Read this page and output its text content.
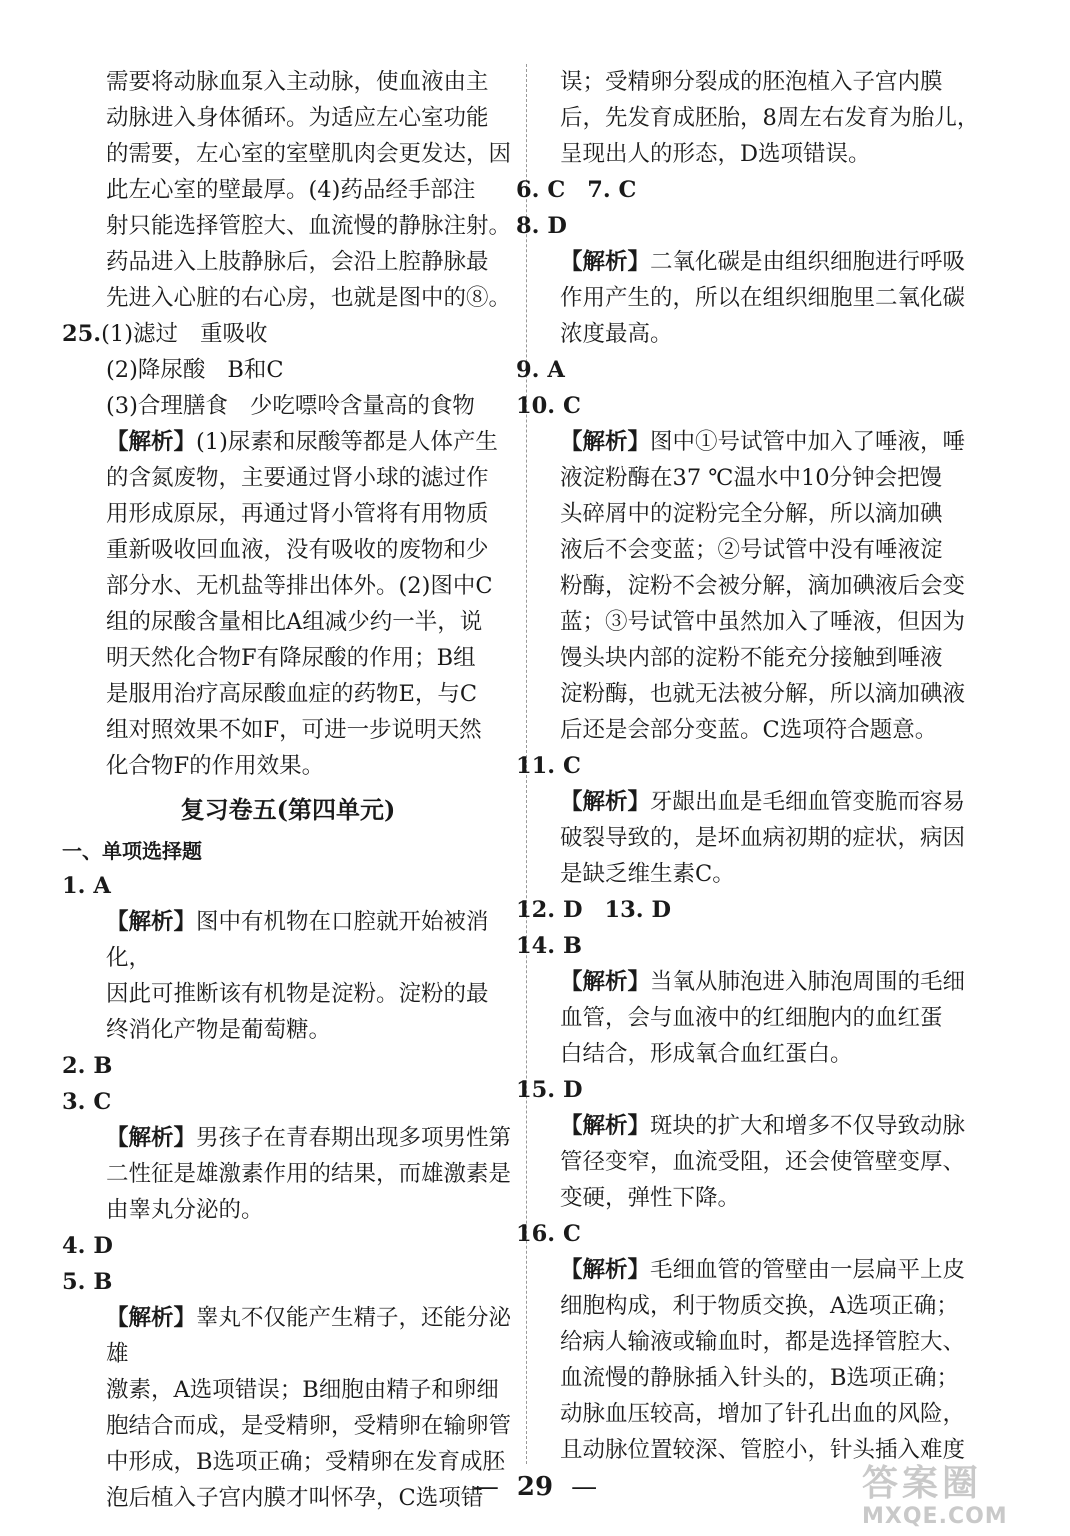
需要将动脉血泵入主动脉，使血液由主
动脉进入身体循环。为适应左心室功能
的需要，左心室的室壁肌肉会更发达，因
此左心室的壁最厚。(4)药品经手部注
射只能选择管腔大、血流慢的静脉注射。
药品进入上肢静脉后，会沿上腔静脉最
先进入心脏的右心房，也就是图中的⑧。
25.(1)滤过 重吸收
(2)降尿酸 B和C
(3)合理膳食 少吃嘌呤含量高的食物
【解析】(1)尿素和尿酸等都是人体产生
的含氮废物，主要通过肾小球的滤过作
用形成原尿，再通过肾小管将有用物质
重新吸收回血液，没有吸收的废物和少
部分水、无机盐等排出体外。(2)图中C
组的尿酸含量相比A组减少约一半，说
明天然化合物F有降尿酸的作用；B组
是服用治疗高尿酸血症的药物E，与C
组对照效果不如F，可进一步说明天然
化合物F的作用效果。
复习卷五(第四单元)
一、单项选择题
1. A
【解析】图中有机物在口腔就开始被消化，
因此可推断该有机物是淀粉。淀粉的最
终消化产物是葡萄糖。
2. B
3. C
【解析】男孩子在青春期出现多项男性第
二性征是雄激素作用的结果，而雄激素是
由睾丸分泌的。
4. D
5. B
【解析】睾丸不仅能产生精子，还能分泌雄
激素，A选项错误；B细胞由精子和卵细
胞结合而成，是受精卵，受精卵在输卵管
中形成，B选项正确；受精卵在发育成胚
泡后植入子宫内膜才叫怀孕，C选项错
误；受精卵分裂成的胚泡植入子宫内膜
后，先发育成胚胎，8周左右发育为胎儿，
呈现出人的形态，D选项错误。
6. C 7. C
8. D
【解析】二氧化碳是由组织细胞进行呼吸
作用产生的，所以在组织细胞里二氧化碳
浓度最高。
9. A
10. C
【解析】图中①号试管中加入了唾液，唾
液淀粉酶在37 ℃温水中10分钟会把馒
头碎屑中的淀粉完全分解，所以滴加碘
液后不会变蓝；②号试管中没有唾液淀
粉酶，淀粉不会被分解，滴加碘液后会变
蓝；③号试管中虽然加入了唾液，但因为
馒头块内部的淀粉不能充分接触到唾液
淀粉酶，也就无法被分解，所以滴加碘液
后还是会部分变蓝。C选项符合题意。
11. C
【解析】牙龈出血是毛细血管变脆而容易
破裂导致的，是坏血病初期的症状，病因
是缺乏维生素C。
12. D 13. D
14. B
【解析】当氧从肺泡进入肺泡周围的毛细
血管，会与血液中的红细胞内的血红蛋
白结合，形成氧合血红蛋白。
15. D
【解析】斑块的扩大和增多不仅导致动脉
管径变窄，血流受阻，还会使管壁变厚、
变硬，弹性下降。
16. C
【解析】毛细血管的管壁由一层扁平上皮
细胞构成，利于物质交换，A选项正确；
给病人输液或输血时，都是选择管腔大、
血流慢的静脉插入针头的，B选项正确；
动脉血压较高，增加了针孔出血的风险，
且动脉位置较深、管腔小，针头插入难度
— 29 —	答案圈
MXQE.COM
